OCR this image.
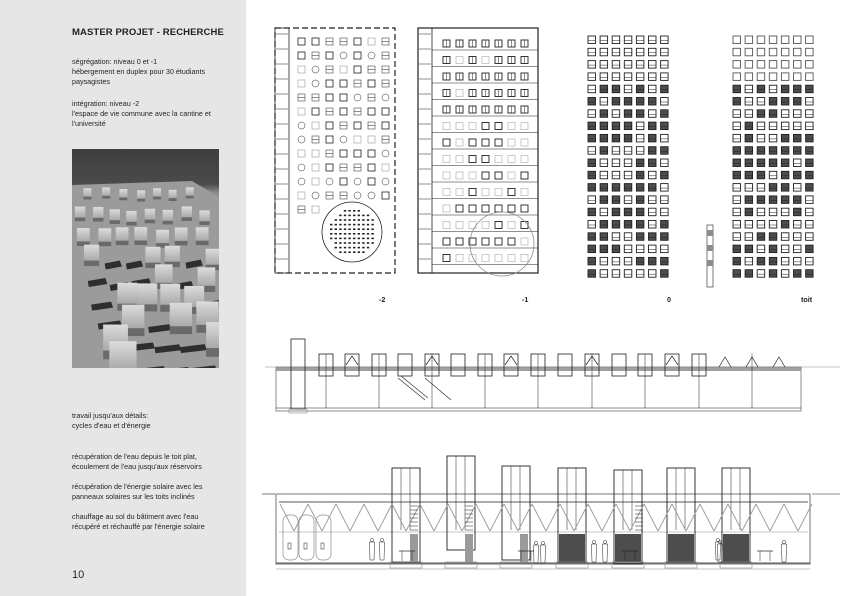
MASTER PROJET - RECHERCHE
ségrégation: niveau 0 et -1
hébergement en duplex pour 30 étudiants
paysagistes
intégration: niveau -2
l'espace de vie commune avec la cantine et
l'université
travail jusqu'aux détails:
cycles d'eau et d'énergie
récupération de l'eau depuis le toit plat,
écoulement de l'eau jusqu'aux réservoirs
récupération de l'énergie solaire avec les
panneaux solaires sur les toits inclinés
chauffage au sol du bâtiment avec l'eau
récupéré et réchauffé par l'énergie solaire
10
-2	-1	0	toit
